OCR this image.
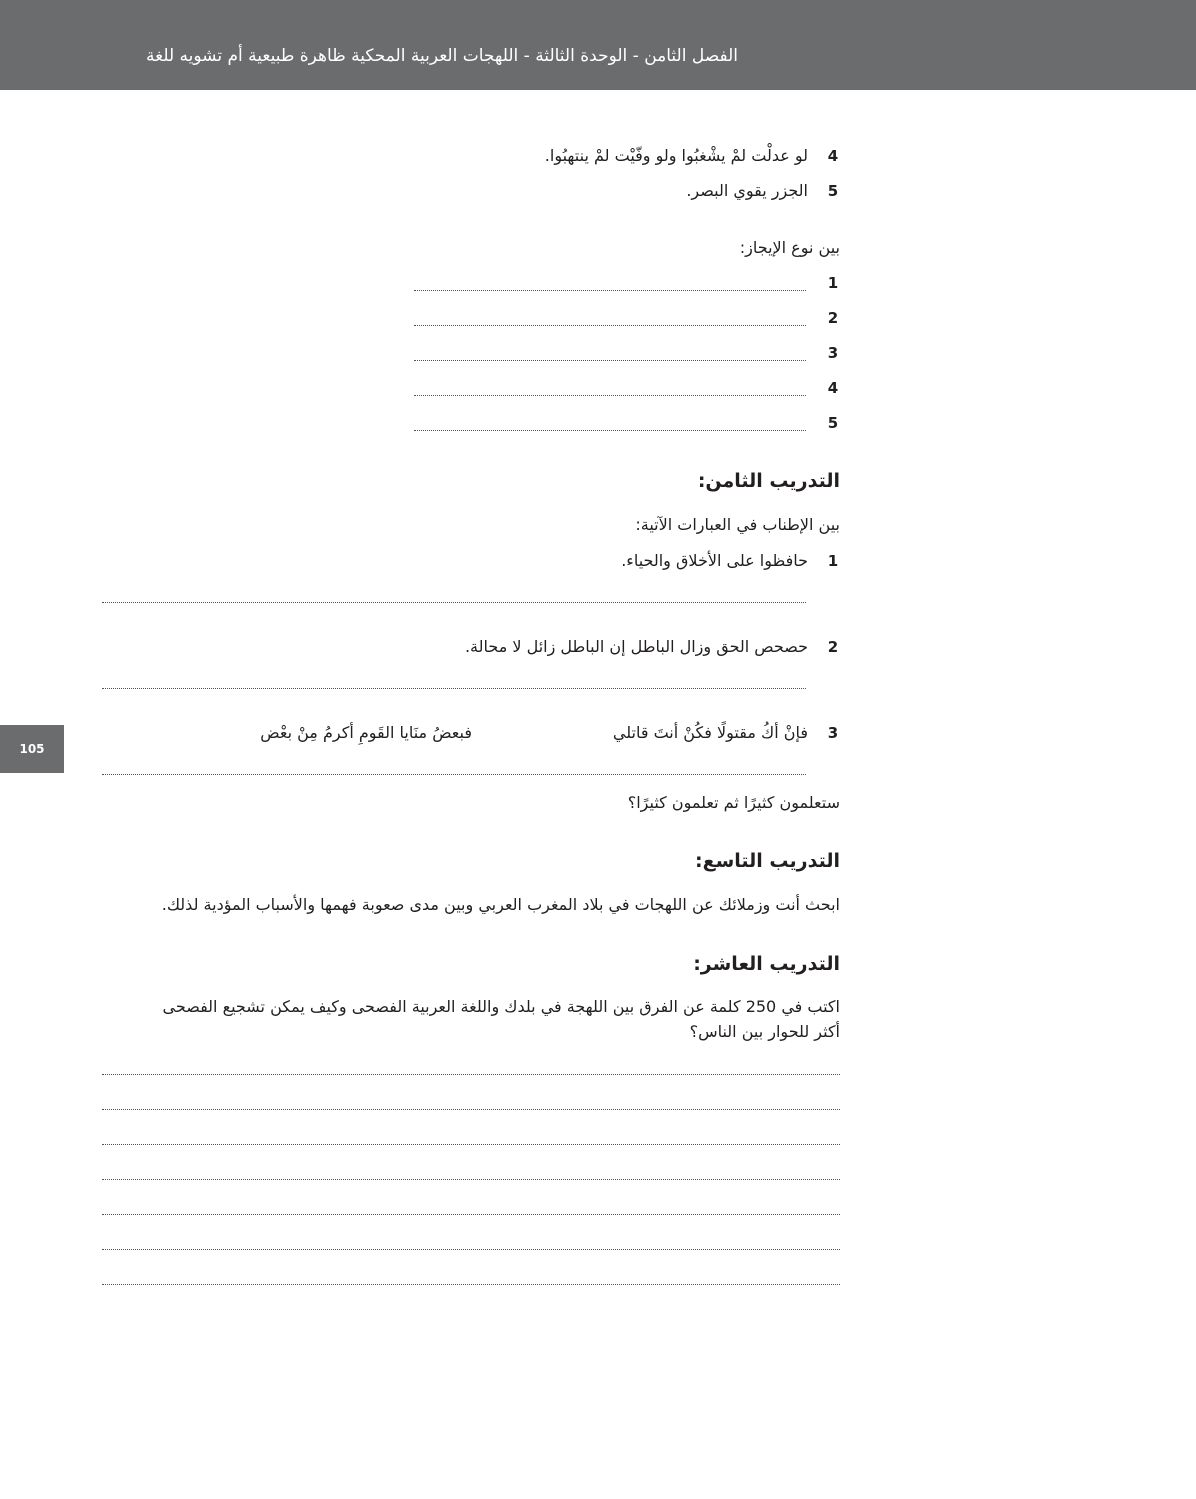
الفصل الثامن - الوحدة الثالثة - اللهجات العربية المحكية ظاهرة طبيعية أم تشويه للغة
105
4
لو عدلْت لمْ يشْغبُوا ولو وفّيْت لمْ ينتهبُوا.
5
الجزر يقوي البصر.
بين نوع الإيجاز:
1
2
3
4
5
التدريب الثامن:
بين الإطناب في العبارات الآتية:
1
حافظوا على الأخلاق والحياء.
2
حصحص الحق وزال الباطل إن الباطل زائل لا محالة.
3
فإنْ أكُ مقتولًا فكُنْ أنتَ قاتلي
فبعضُ منَايا القَومِ أكرمُ مِنْ بعْض
ستعلمون كثيرًا ثم تعلمون كثيرًا؟
التدريب التاسع:
ابحث أنت وزملائك عن اللهجات في بلاد المغرب العربي وبين مدى صعوبة فهمها والأسباب المؤدية لذلك.
التدريب العاشر:
اكتب في 250 كلمة عن الفرق بين اللهجة في بلدك واللغة العربية الفصحى وكيف يمكن تشجيع الفصحى
أكثر للحوار بين الناس؟
